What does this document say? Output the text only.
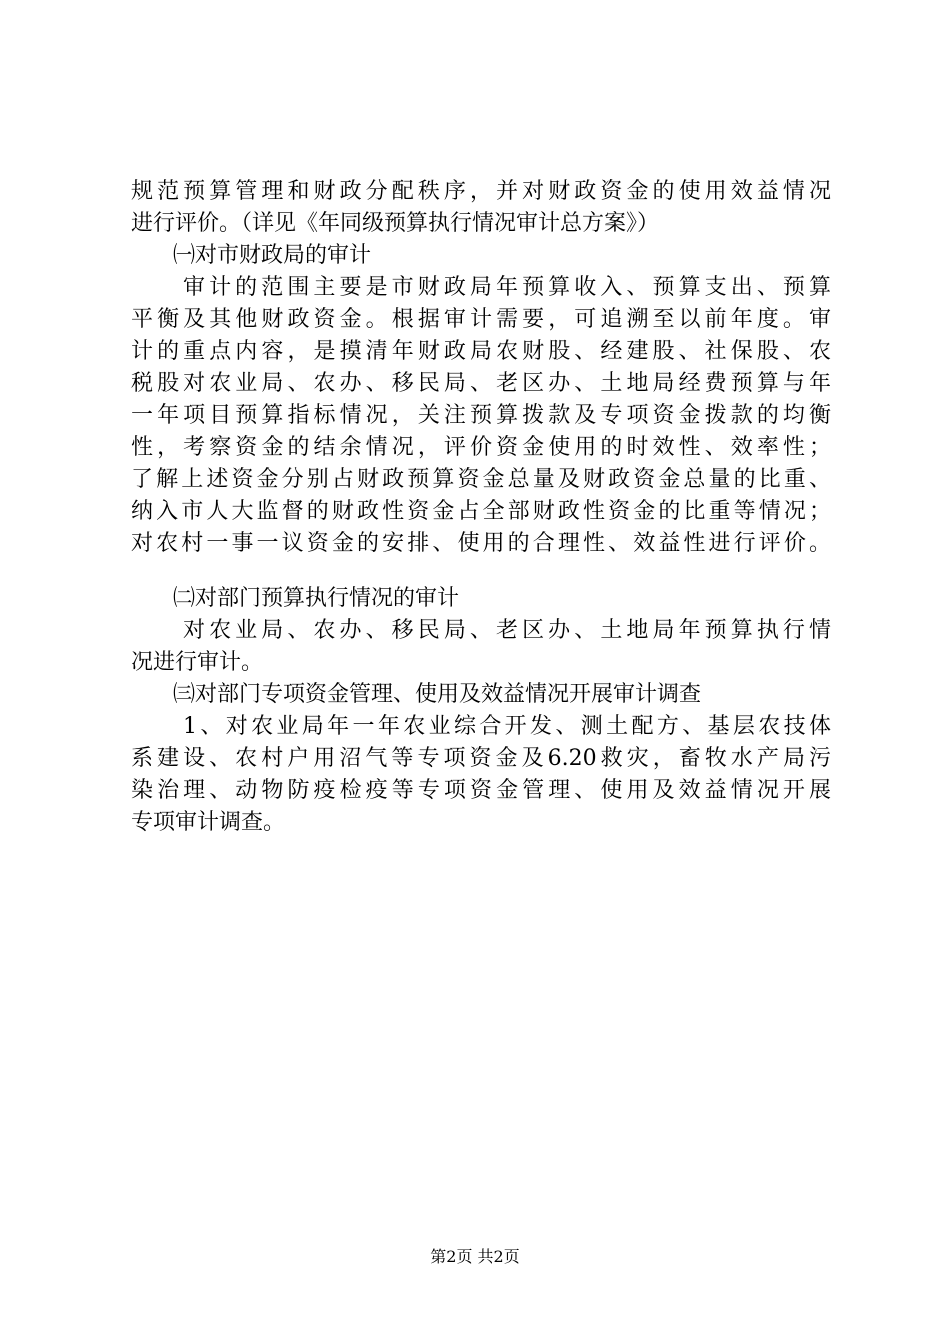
规范预算管理和财政分配秩序，并对财政资金的使用效益情况
进行评价。（详见《年同级预算执行情况审计总方案》）
㈠对市财政局的审计
审计的范围主要是市财政局年预算收入、预算支出、预算
平衡及其他财政资金。根据审计需要，可追溯至以前年度。审
计的重点内容，是摸清年财政局农财股、经建股、社保股、农
税股对农业局、农办、移民局、老区办、土地局经费预算与年
一年项目预算指标情况，关注预算拨款及专项资金拨款的均衡
性，考察资金的结余情况，评价资金使用的时效性、效率性；
了解上述资金分别占财政预算资金总量及财政资金总量的比重、
纳入市人大监督的财政性资金占全部财政性资金的比重等情况；
对农村一事一议资金的安排、使用的合理性、效益性进行评价。
㈡对部门预算执行情况的审计
对农业局、农办、移民局、老区办、土地局年预算执行情
况进行审计。
㈢对部门专项资金管理、使用及效益情况开展审计调查
1、对农业局年一年农业综合开发、测土配方、基层农技体
系建设、农村户用沼气等专项资金及6.20救灾，畜牧水产局污
染治理、动物防疫检疫等专项资金管理、使用及效益情况开展
专项审计调查。
第2页 共2页
